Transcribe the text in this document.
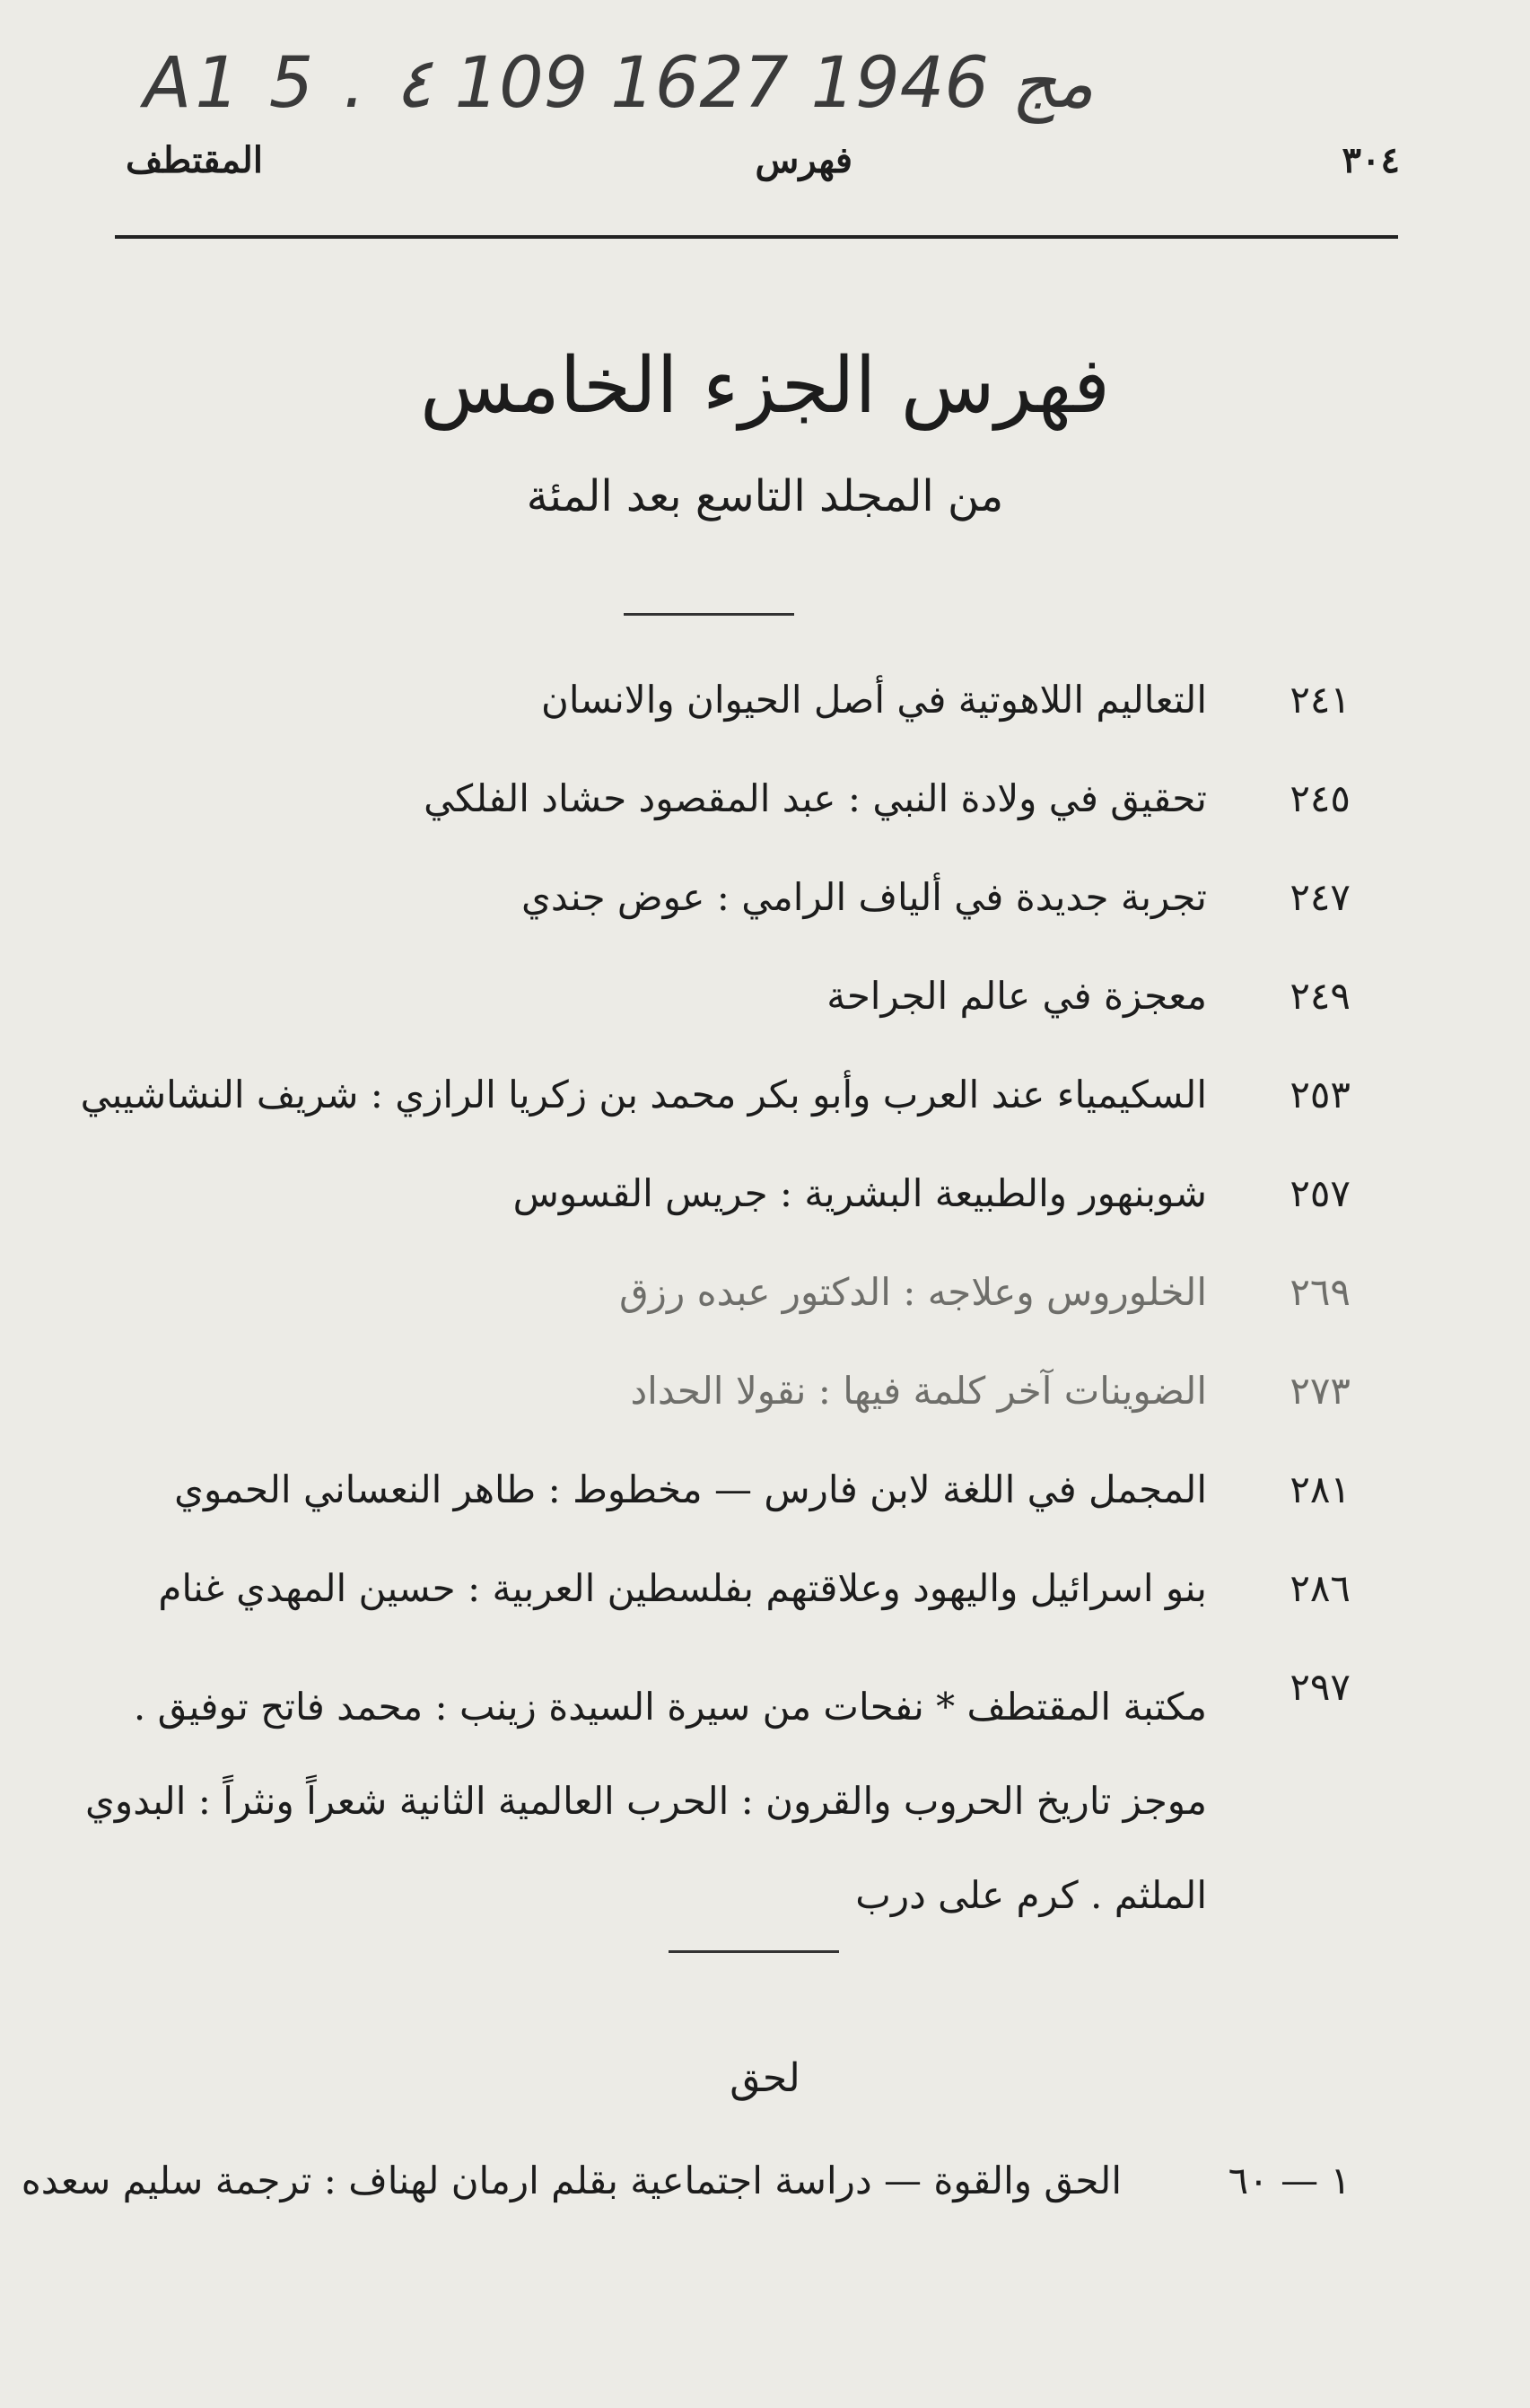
A1 5 . ٤ 109 مج 1946 1627
٣٠٤
فهرس
المقتطف
فهرس الجزء الخامس
من المجلد التاسع بعد المئة
٢٤١
التعاليم اللاهوتية في أصل الحيوان والانسان
٢٤٥
تحقيق في ولادة النبي : عبد المقصود حشاد الفلكي
٢٤٧
تجربة جديدة في ألياف الرامي : عوض جندي
٢٤٩
معجزة في عالم الجراحة
٢٥٣
السكيمياء عند العرب وأبو بكر محمد بن زكريا الرازي : شريف النشاشيبي
٢٥٧
شوبنهور والطبيعة البشرية : جريس القسوس
٢٦٩
الخلوروس وعلاجه : الدكتور عبده رزق
٢٧٣
الضوينات آخر كلمة فيها : نقولا الحداد
٢٨١
المجمل في اللغة لابن فارس — مخطوط : طاهر النعساني الحموي
٢٨٦
بنو اسرائيل واليهود وعلاقتهم بفلسطين العربية : حسين المهدي غنام
٢٩٧
مكتبة المقتطف * نفحات من سيرة السيدة زينب : محمد فاتح توفيق . موجز تاريخ الحروب والقرون : الحرب العالمية الثانية شعراً ونثراً : البدوي الملثم . كرم على درب
لحق
١ — ٦٠
الحق والقوة — دراسة اجتماعية بقلم ارمان لهناف : ترجمة سليم سعده
